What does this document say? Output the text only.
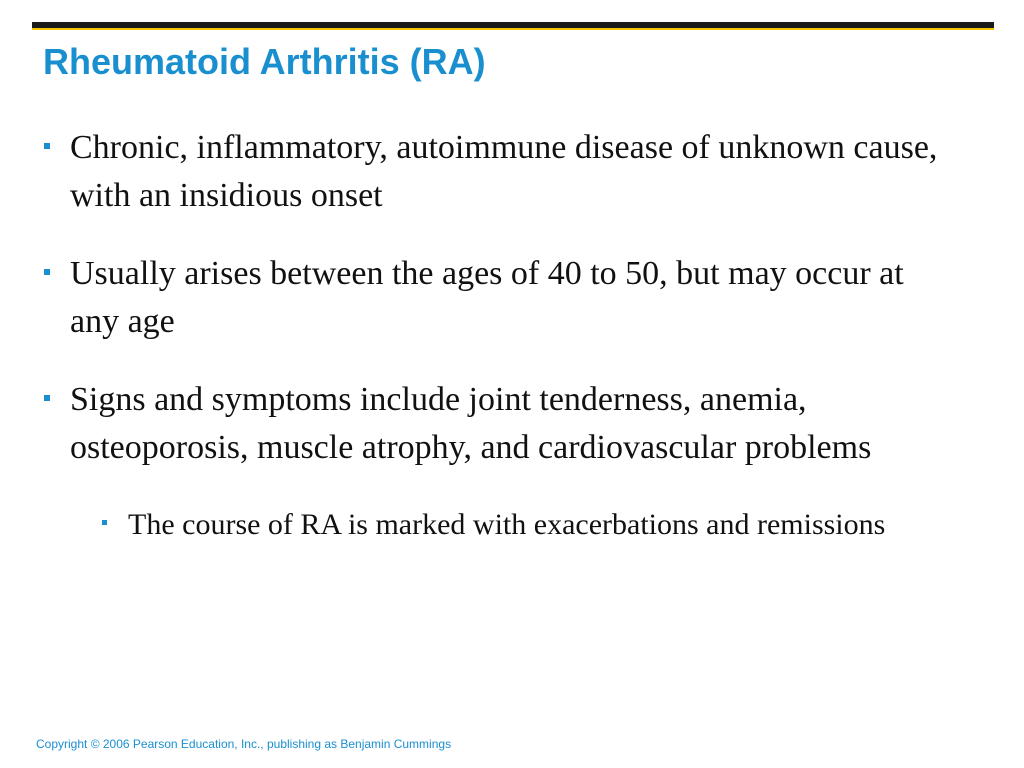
Rheumatoid Arthritis (RA)
Chronic, inflammatory, autoimmune disease of unknown cause, with an insidious onset
Usually arises between the ages of 40 to 50, but may occur at any age
Signs and symptoms include joint tenderness, anemia, osteoporosis, muscle atrophy, and cardiovascular problems
The course of RA is marked with exacerbations and remissions
Copyright © 2006 Pearson Education, Inc., publishing as Benjamin Cummings
